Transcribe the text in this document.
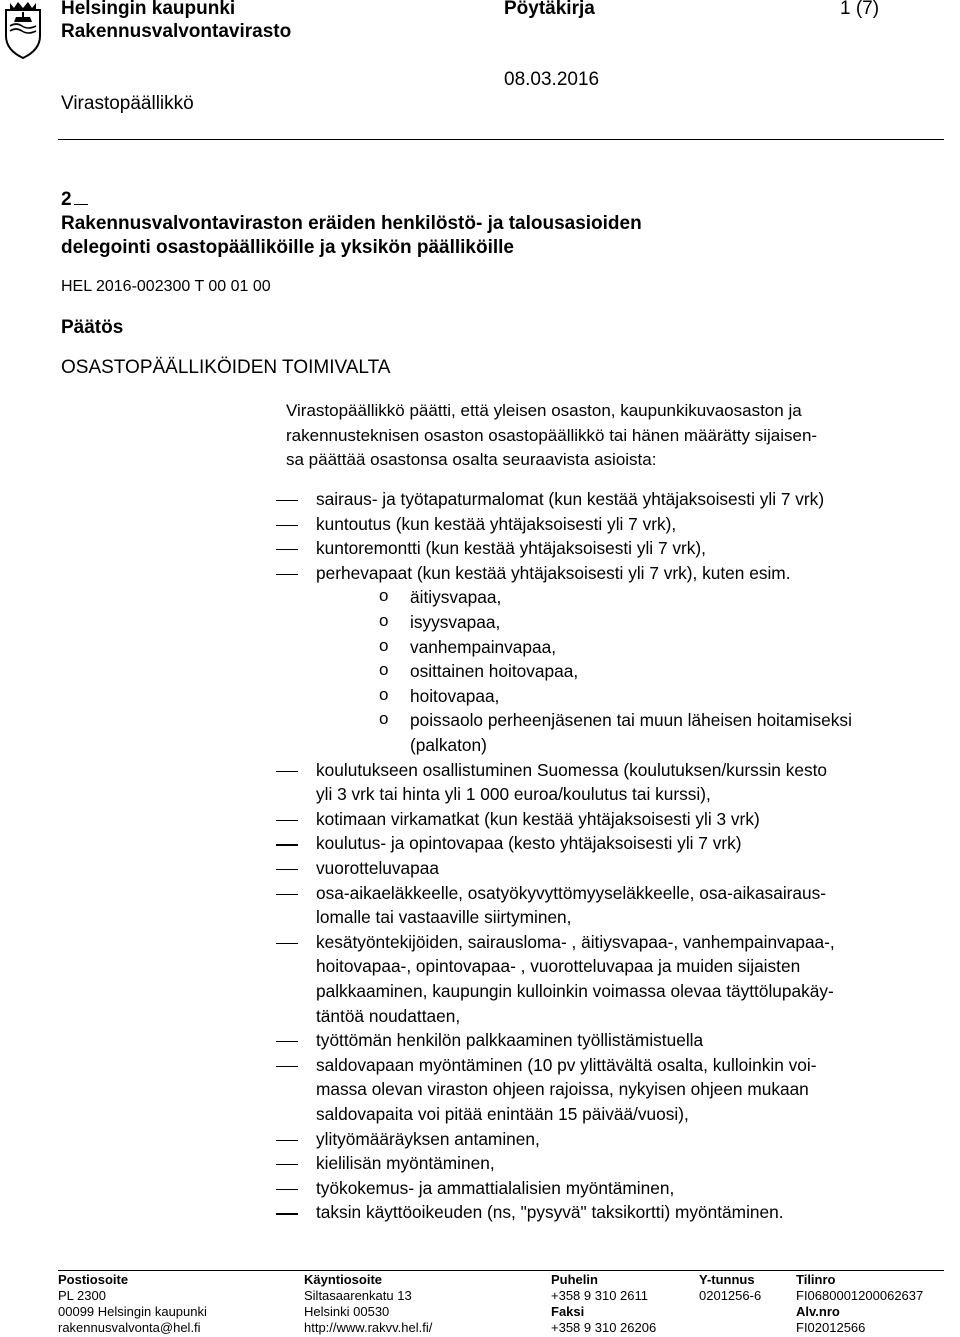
Helsingin kaupunki
Rakennusvalvontavirasto
Pöytäkirja	1 (7)
08.03.2016
Virastopäällikkö
2
Rakennusvalvontaviraston eräiden henkilöstö- ja talousasioiden
delegointi osastopäälliköille ja yksikön päälliköille
HEL 2016-002300 T 00 01 00
Päätös
OSASTOPÄÄLLIKÖIDEN TOIMIVALTA
Virastopäällikkö päätti, että yleisen osaston, kaupunkikuvaosaston ja
rakennusteknisen osaston osastopäällikkö tai hänen määrätty sijaisen-
sa päättää osastonsa osalta seuraavista asioista:
sairaus- ja työtapaturmalomat (kun kestää yhtäjaksoisesti yli 7 vrk)
kuntoutus (kun kestää yhtäjaksoisesti yli 7 vrk),
kuntoremontti (kun kestää yhtäjaksoisesti yli 7 vrk),
perhevapaat (kun kestää yhtäjaksoisesti yli 7 vrk), kuten esim.
äitiysvapaa,
o
isyysvapaa,
o
vanhempainvapaa,
o
osittainen hoitovapaa,
o
hoitovapaa,
o
poissaolo perheenjäsenen tai muun läheisen hoitamiseksi
o
(palkaton)
koulutukseen osallistuminen Suomessa (koulutuksen/kurssin kesto
yli 3 vrk tai hinta yli 1 000 euroa/koulutus tai kurssi),
kotimaan virkamatkat (kun kestää yhtäjaksoisesti yli 3 vrk)
koulutus- ja opintovapaa (kesto yhtäjaksoisesti yli 7 vrk)
vuorotteluvapaa
osa-aikaeläkkeelle, osatyökyvyttömyyseläkkeelle, osa-aikasairaus-
lomalle tai vastaaville siirtyminen,
kesätyöntekijöiden, sairausloma- , äitiysvapaa-, vanhempainvapaa-,
hoitovapaa-, opintovapaa- , vuorotteluvapaa ja muiden sijaisten
palkkaaminen, kaupungin kulloinkin voimassa olevaa täyttölupakäy-
täntöä noudattaen,
työttömän henkilön palkkaaminen työllistämistuella
saldovapaan myöntäminen (10 pv ylittävältä osalta, kulloinkin voi-
massa olevan viraston ohjeen rajoissa, nykyisen ohjeen mukaan
saldovapaita voi pitää enintään 15 päivää/vuosi),
ylityömääräyksen antaminen,
kielilisän myöntäminen,
työkokemus- ja ammattialalisien myöntäminen,
taksin käyttöoikeuden (ns, "pysyvä" taksikortti) myöntäminen.
Postiosoite
PL 2300
00099 Helsingin kaupunki
rakennusvalvonta@hel.fi
Käyntiosoite
Siltasaarenkatu 13
Helsinki 00530
http://www.rakvv.hel.fi/
Puhelin
+358 9 310 2611
Faksi
+358 9 310 26206
Y-tunnus
0201256-6
Tilinro
FI0680001200062637
Alv.nro
FI02012566
